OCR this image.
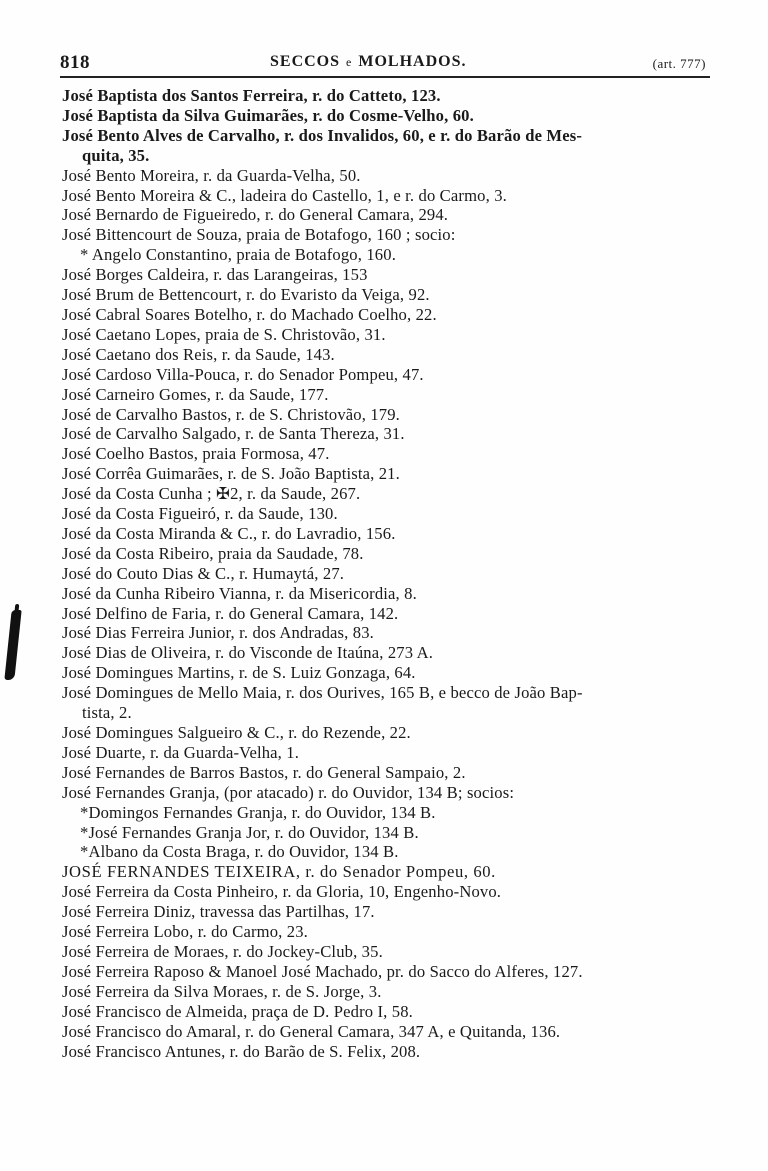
818	SECCOS e MOLHADOS.	(art. 777)
José Baptista dos Santos Ferreira, r. do Catteto, 123.
José Baptista da Silva Guimarães, r. do Cosme-Velho, 60.
José Bento Alves de Carvalho, r. dos Invalidos, 60, e r. do Barão de Mes-
quita, 35.
José Bento Moreira, r. da Guarda-Velha, 50.
José Bento Moreira & C., ladeira do Castello, 1, e r. do Carmo, 3.
José Bernardo de Figueiredo, r. do General Camara, 294.
José Bittencourt de Souza, praia de Botafogo, 160 ; socio:
* Angelo Constantino, praia de Botafogo, 160.
José Borges Caldeira, r. das Larangeiras, 153
José Brum de Bettencourt, r. do Evaristo da Veiga, 92.
José Cabral Soares Botelho, r. do Machado Coelho, 22.
José Caetano Lopes, praia de S. Christovão, 31.
José Caetano dos Reis, r. da Saude, 143.
José Cardoso Villa-Pouca, r. do Senador Pompeu, 47.
José Carneiro Gomes, r. da Saude, 177.
José de Carvalho Bastos, r. de S. Christovão, 179.
José de Carvalho Salgado, r. de Santa Thereza, 31.
José Coelho Bastos, praia Formosa, 47.
José Corrêa Guimarães, r. de S. João Baptista, 21.
José da Costa Cunha ; ✠2, r. da Saude, 267.
José da Costa Figueiró, r. da Saude, 130.
José da Costa Miranda & C., r. do Lavradio, 156.
José da Costa Ribeiro, praia da Saudade, 78.
José do Couto Dias & C., r. Humaytá, 27.
José da Cunha Ribeiro Vianna, r. da Misericordia, 8.
José Delfino de Faria, r. do General Camara, 142.
José Dias Ferreira Junior, r. dos Andradas, 83.
José Dias de Oliveira, r. do Visconde de Itaúna, 273 A.
José Domingues Martins, r. de S. Luiz Gonzaga, 64.
José Domingues de Mello Maia, r. dos Ourives, 165 B, e becco de João Bap-
tista, 2.
José Domingues Salgueiro & C., r. do Rezende, 22.
José Duarte, r. da Guarda-Velha, 1.
José Fernandes de Barros Bastos, r. do General Sampaio, 2.
José Fernandes Granja, (por atacado) r. do Ouvidor, 134 B; socios:
*Domingos Fernandes Granja, r. do Ouvidor, 134 B.
*José Fernandes Granja Jor, r. do Ouvidor, 134 B.
*Albano da Costa Braga, r. do Ouvidor, 134 B.
JOSÉ FERNANDES TEIXEIRA, r. do Senador Pompeu, 60.
José Ferreira da Costa Pinheiro, r. da Gloria, 10, Engenho-Novo.
José Ferreira Diniz, travessa das Partilhas, 17.
José Ferreira Lobo, r. do Carmo, 23.
José Ferreira de Moraes, r. do Jockey-Club, 35.
José Ferreira Raposo & Manoel José Machado, pr. do Sacco do Alferes, 127.
José Ferreira da Silva Moraes, r. de S. Jorge, 3.
José Francisco de Almeida, praça de D. Pedro I, 58.
José Francisco do Amaral, r. do General Camara, 347 A, e Quitanda, 136.
José Francisco Antunes, r. do Barão de S. Felix, 208.
